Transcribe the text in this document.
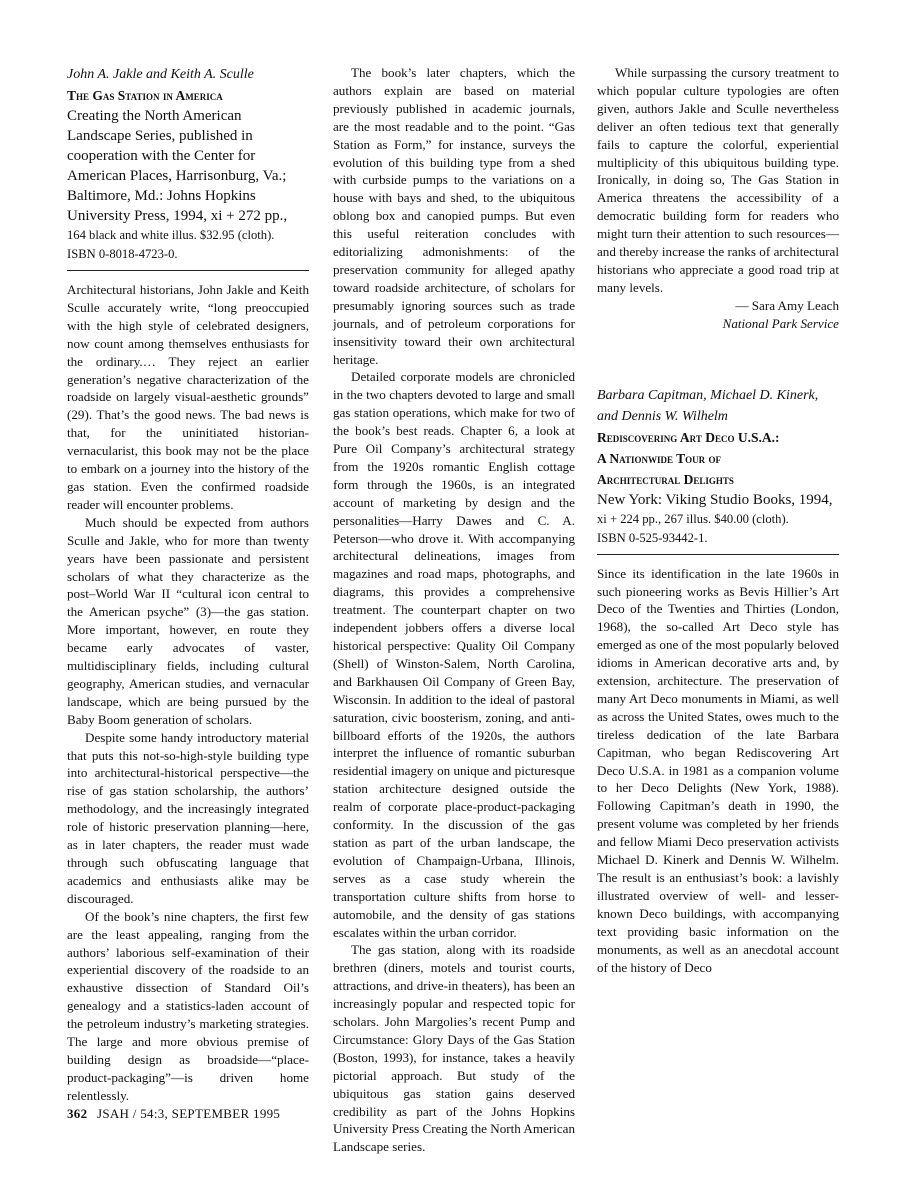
John A. Jakle and Keith A. Sculle

The Gas Station in America

Creating the North American Landscape Series, published in cooperation with the Center for American Places, Harrisonburg, Va.; Baltimore, Md.: Johns Hopkins University Press, 1994, xi + 272 pp.,

164 black and white illus. $32.95 (cloth).

ISBN 0-8018-4723-0.

Architectural historians, John Jakle and Keith Sculle accurately write, “long preoccupied with the high style of celebrated designers, now count among themselves enthusiasts for the ordinary.… They reject an earlier generation’s negative characterization of the roadside on largely visual-aesthetic grounds” (29). That’s the good news. The bad news is that, for the uninitiated historian-vernacularist, this book may not be the place to embark on a journey into the history of the gas station. Even the confirmed roadside reader will encounter problems.

Much should be expected from authors Sculle and Jakle, who for more than twenty years have been passionate and persistent scholars of what they characterize as the post–World War II “cultural icon central to the American psyche” (3)—the gas station. More important, however, en route they became early advocates of vaster, multidisciplinary fields, including cultural geography, American studies, and vernacular landscape, which are being pursued by the Baby Boom generation of scholars.

Despite some handy introductory material that puts this not-so-high-style building type into architectural-historical perspective—the rise of gas station scholarship, the authors’ methodology, and the increasingly integrated role of historic preservation planning—here, as in later chapters, the reader must wade through such obfuscating language that academics and enthusiasts alike may be discouraged.

Of the book’s nine chapters, the first few are the least appealing, ranging from the authors’ laborious self-examination of their experiential discovery of the roadside to an exhaustive dissection of Standard Oil’s genealogy and a statistics-laden account of the petroleum industry’s marketing strategies. The large and more obvious premise of building design as broadside—“place-product-packaging”—is driven home relentlessly.

The book’s later chapters, which the authors explain are based on material previously published in academic journals, are the most readable and to the point. “Gas Station as Form,” for instance, surveys the evolution of this building type from a shed with curbside pumps to the variations on a house with bays and shed, to the ubiquitous oblong box and canopied pumps. But even this useful reiteration concludes with editorializing admonishments: of the preservation community for alleged apathy toward roadside architecture, of scholars for presumably ignoring sources such as trade journals, and of petroleum corporations for insensitivity toward their own architectural heritage.

Detailed corporate models are chronicled in the two chapters devoted to large and small gas station operations, which make for two of the book’s best reads. Chapter 6, a look at Pure Oil Company’s architectural strategy from the 1920s romantic English cottage form through the 1960s, is an integrated account of marketing by design and the personalities—Harry Dawes and C. A. Peterson—who drove it. With accompanying architectural delineations, images from magazines and road maps, photographs, and diagrams, this provides a comprehensive treatment. The counterpart chapter on two independent jobbers offers a diverse local historical perspective: Quality Oil Company (Shell) of Winston-Salem, North Carolina, and Barkhausen Oil Company of Green Bay, Wisconsin. In addition to the ideal of pastoral saturation, civic boosterism, zoning, and anti-billboard efforts of the 1920s, the authors interpret the influence of romantic suburban residential imagery on unique and picturesque station architecture designed outside the realm of corporate place-product-packaging conformity. In the discussion of the gas station as part of the urban landscape, the evolution of Champaign-Urbana, Illinois, serves as a case study wherein the transportation culture shifts from horse to automobile, and the density of gas stations escalates within the urban corridor.

The gas station, along with its roadside brethren (diners, motels and tourist courts, attractions, and drive-in theaters), has been an increasingly popular and respected topic for scholars. John Margolies’s recent Pump and Circumstance: Glory Days of the Gas Station (Boston, 1993), for instance, takes a heavily pictorial approach. But study of the ubiquitous gas station gains deserved credibility as part of the Johns Hopkins University Press Creating the North American Landscape series.

While surpassing the cursory treatment to which popular culture typologies are often given, authors Jakle and Sculle nevertheless deliver an often tedious text that generally fails to capture the colorful, experiential multiplicity of this ubiquitous building type. Ironically, in doing so, The Gas Station in America threatens the accessibility of a democratic building form for readers who might turn their attention to such resources—and thereby increase the ranks of architectural historians who appreciate a good road trip at many levels.

— Sara Amy Leach

National Park Service

Barbara Capitman, Michael D. Kinerk,

and Dennis W. Wilhelm

Rediscovering Art Deco U.S.A.:

A Nationwide Tour of

Architectural Delights

New York: Viking Studio Books, 1994,

xi + 224 pp., 267 illus. $40.00 (cloth).

ISBN 0-525-93442-1.

Since its identification in the late 1960s in such pioneering works as Bevis Hillier’s Art Deco of the Twenties and Thirties (London, 1968), the so-called Art Deco style has emerged as one of the most popularly beloved idioms in American decorative arts and, by extension, architecture. The preservation of many Art Deco monuments in Miami, as well as across the United States, owes much to the tireless dedication of the late Barbara Capitman, who began Rediscovering Art Deco U.S.A. in 1981 as a companion volume to her Deco Delights (New York, 1988). Following Capitman’s death in 1990, the present volume was completed by her friends and fellow Miami Deco preservation activists Michael D. Kinerk and Dennis W. Wilhelm. The result is an enthusiast’s book: a lavishly illustrated overview of well- and lesser-known Deco buildings, with accompanying text providing basic information on the monuments, as well as an anecdotal account of the history of Deco

362 JSAH / 54:3, SEPTEMBER 1995
